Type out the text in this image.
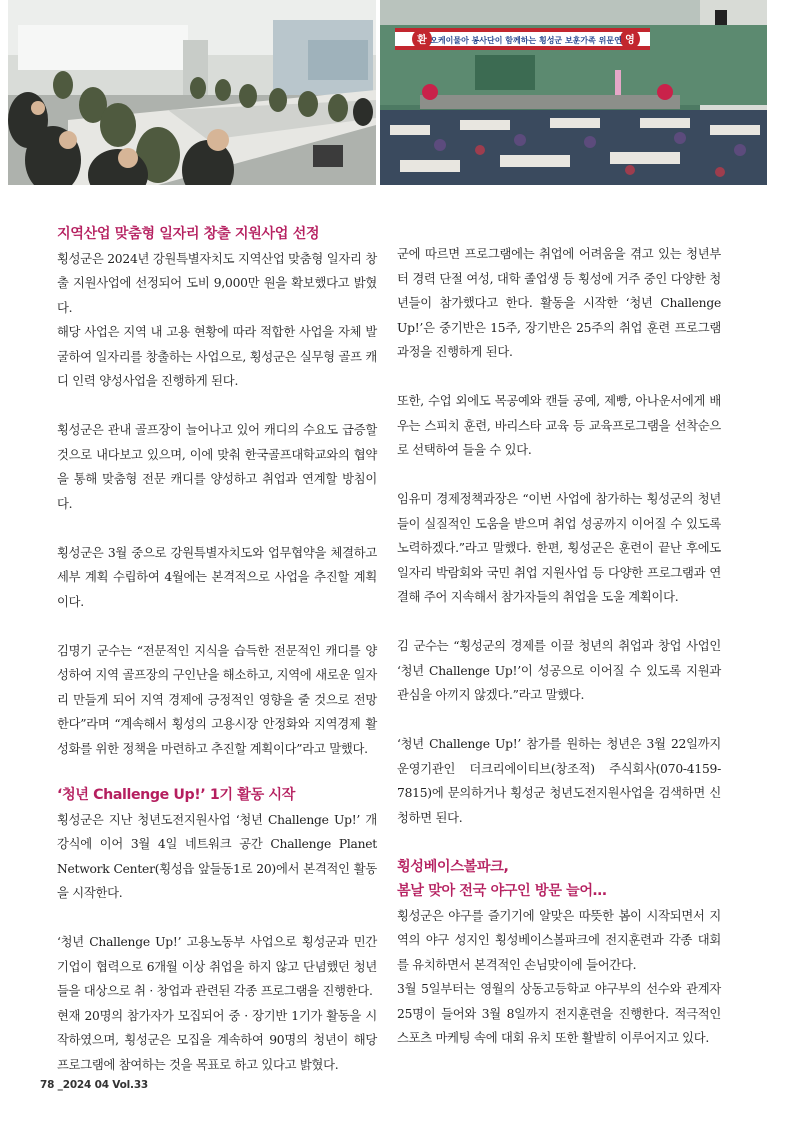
환	영
오케이물아 봉사단이 함께하는 횡성군 보훈가족 위문연
지역산업 맞춤형 일자리 창출 지원사업 선정

횡성군은 2024년 강원특별자치도 지역산업 맞춤형 일자리 창출 지원사업에 선정되어 도비 9,000만 원을 확보했다고 밝혔다.

해당 사업은 지역 내 고용 현황에 따라 적합한 사업을 자체 발굴하여 일자리를 창출하는 사업으로, 횡성군은 실무형 골프 캐디 인력 양성사업을 진행하게 된다.

횡성군은 관내 골프장이 늘어나고 있어 캐디의 수요도 급증할 것으로 내다보고 있으며, 이에 맞춰 한국골프대학교와의 협약을 통해 맞춤형 전문 캐디를 양성하고 취업과 연계할 방침이다.

횡성군은 3월 중으로 강원특별자치도와 업무협약을 체결하고 세부 계획 수립하여 4월에는 본격적으로 사업을 추진할 계획이다.

김명기 군수는 “전문적인 지식을 습득한 전문적인 캐디를 양성하여 지역 골프장의 구인난을 해소하고, 지역에 새로운 일자리 만들게 되어 지역 경제에 긍정적인 영향을 줄 것으로 전망한다”라며 “계속해서 횡성의 고용시장 안정화와 지역경제 활성화를 위한 정책을 마련하고 추진할 계획이다”라고 말했다.

‘청년 Challenge Up!’ 1기 활동 시작

횡성군은 지난 청년도전지원사업 ‘청년 Challenge Up!’ 개강식에 이어 3월 4일 네트워크 공간 Challenge Planet Network Center(횡성읍 앞들동1로 20)에서 본격적인 활동을 시작한다.

‘청년 Challenge Up!’ 고용노동부 사업으로 횡성군과 민간기업이 협력으로 6개월 이상 취업을 하지 않고 단념했던 청년들을 대상으로 취 · 창업과 관련된 각종 프로그램을 진행한다.

현재 20명의 참가자가 모집되어 중 · 장기반 1기가 활동을 시작하였으며, 횡성군은 모집을 계속하여 90명의 청년이 해당 프로그램에 참여하는 것을 목표로 하고 있다고 밝혔다.

군에 따르면 프로그램에는 취업에 어려움을 겪고 있는 청년부터 경력 단절 여성, 대학 졸업생 등 횡성에 거주 중인 다양한 청년들이 참가했다고 한다. 활동을 시작한 ‘청년 Challenge Up!’은 중기반은 15주, 장기반은 25주의 취업 훈련 프로그램 과정을 진행하게 된다.

또한, 수업 외에도 목공예와 캔들 공예, 제빵, 아나운서에게 배우는 스피치 훈련, 바리스타 교육 등 교육프로그램을 선착순으로 선택하여 들을 수 있다.

임유미 경제정책과장은 “이번 사업에 참가하는 횡성군의 청년들이 실질적인 도움을 받으며 취업 성공까지 이어질 수 있도록 노력하겠다.”라고 말했다. 한편, 횡성군은 훈련이 끝난 후에도 일자리 박람회와 국민 취업 지원사업 등 다양한 프로그램과 연결해 주어 지속해서 참가자들의 취업을 도울 계획이다.

김 군수는 “횡성군의 경제를 이끌 청년의 취업과 창업 사업인 ‘청년 Challenge Up!’이 성공으로 이어질 수 있도록 지원과 관심을 아끼지 않겠다.”라고 말했다.

‘청년 Challenge Up!’ 참가를 원하는 청년은 3월 22일까지 운영기관인 더크리에이티브(창조적) 주식회사(070-4159-7815)에 문의하거나 횡성군 청년도전지원사업을 검색하면 신청하면 된다.

횡성베이스볼파크,
봄날 맞아 전국 야구인 방문 늘어…

횡성군은 야구를 즐기기에 알맞은 따뜻한 봄이 시작되면서 지역의 야구 성지인 횡성베이스볼파크에 전지훈련과 각종 대회를 유치하면서 본격적인 손님맞이에 들어간다.

3월 5일부터는 영월의 상동고등학교 야구부의 선수와 관계자 25명이 들어와 3월 8일까지 전지훈련을 진행한다. 적극적인 스포츠 마케팅 속에 대회 유치 또한 활발히 이루어지고 있다.

78 _2024 04 Vol.33
